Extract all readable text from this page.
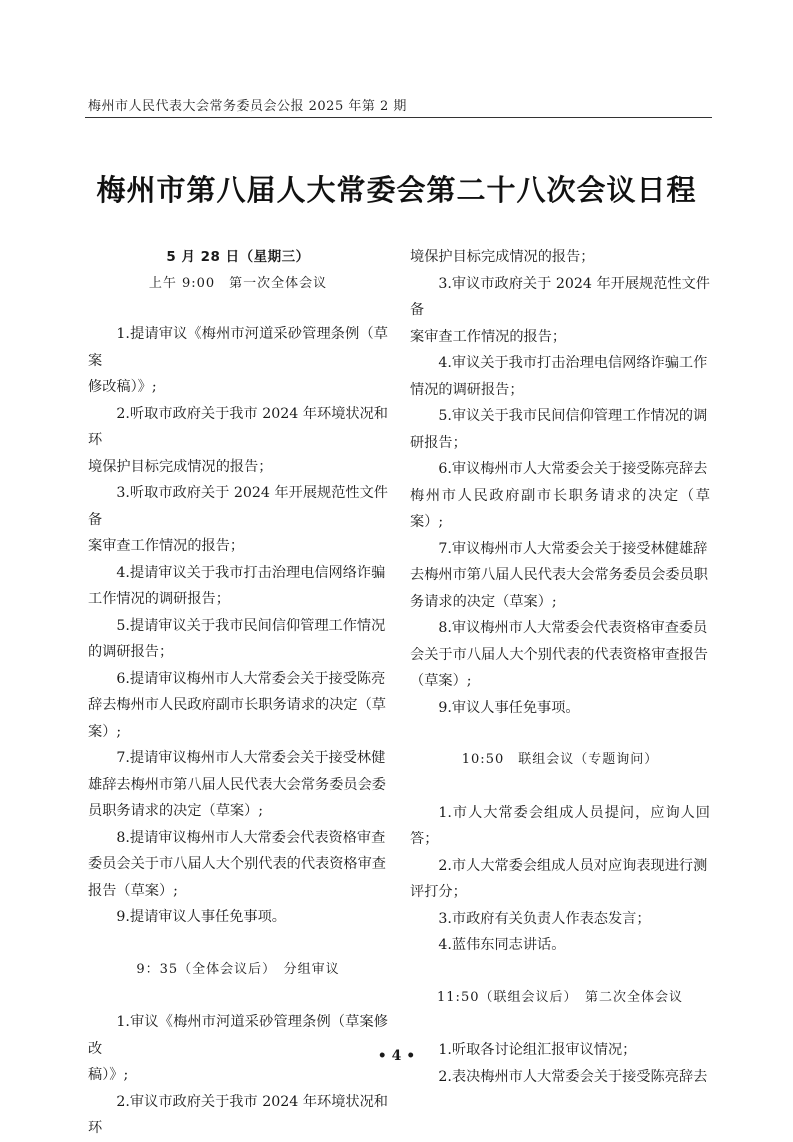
梅州市人民代表大会常务委员会公报 2025 年第 2 期
梅州市第八届人大常委会第二十八次会议日程

5 月 28 日（星期三）

上午 9:00　第一次全体会议

1.提请审议《梅州市河道采砂管理条例（草案

修改稿）》;

2.听取市政府关于我市 2024 年环境状况和环

境保护目标完成情况的报告；

3.听取市政府关于 2024 年开展规范性文件备

案审查工作情况的报告；

4.提请审议关于我市打击治理电信网络诈骗

工作情况的调研报告；

5.提请审议关于我市民间信仰管理工作情况

的调研报告；

6.提请审议梅州市人大常委会关于接受陈亮

辞去梅州市人民政府副市长职务请求的决定（草

案）;

7.提请审议梅州市人大常委会关于接受林健

雄辞去梅州市第八届人民代表大会常务委员会委

员职务请求的决定（草案）;

8.提请审议梅州市人大常委会代表资格审查

委员会关于市八届人大个别代表的代表资格审查

报告（草案）;

9.提请审议人事任免事项。

9：35（全体会议后）　分组审议

1.审议《梅州市河道采砂管理条例（草案修改

稿）》;

2.审议市政府关于我市 2024 年环境状况和环

境保护目标完成情况的报告；

3.审议市政府关于 2024 年开展规范性文件备

案审查工作情况的报告；

4.审议关于我市打击治理电信网络诈骗工作

情况的调研报告；

5.审议关于我市民间信仰管理工作情况的调

研报告；

6.审议梅州市人大常委会关于接受陈亮辞去

梅州市人民政府副市长职务请求的决定（草案）;

7.审议梅州市人大常委会关于接受林健雄辞

去梅州市第八届人民代表大会常务委员会委员职

务请求的决定（草案）;

8.审议梅州市人大常委会代表资格审查委员

会关于市八届人大个别代表的代表资格审查报告

（草案）;

9.审议人事任免事项。

10:50　联组会议（专题询问）

1.市人大常委会组成人员提问，应询人回答；

2.市人大常委会组成人员对应询表现进行测

评打分；

3.市政府有关负责人作表态发言；

4.蓝伟东同志讲话。

11:50（联组会议后）　第二次全体会议

1.听取各讨论组汇报审议情况；

2.表决梅州市人大常委会关于接受陈亮辞去

• 4 •
